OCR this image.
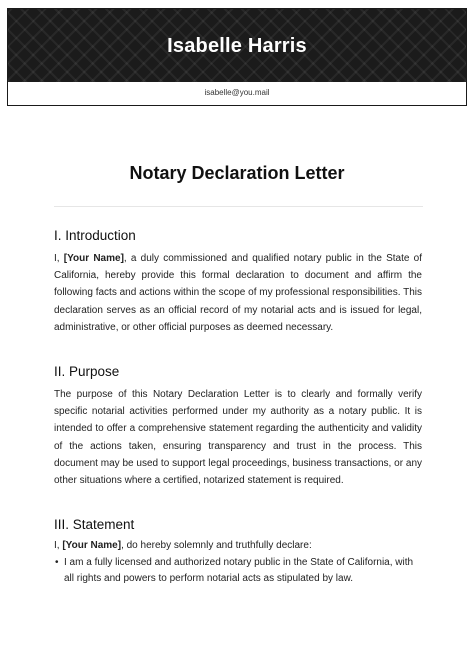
Isabelle Harris
isabelle@you.mail
Notary Declaration Letter
I. Introduction

I, [Your Name], a duly commissioned and qualified notary public in the State of California, hereby provide this formal declaration to document and affirm the following facts and actions within the scope of my professional responsibilities. This declaration serves as an official record of my notarial acts and is issued for legal, administrative, or other official purposes as deemed necessary.

II. Purpose

The purpose of this Notary Declaration Letter is to clearly and formally verify specific notarial activities performed under my authority as a notary public. It is intended to offer a comprehensive statement regarding the authenticity and validity of the actions taken, ensuring transparency and trust in the process. This document may be used to support legal proceedings, business transactions, or any other situations where a certified, notarized statement is required.

III. Statement

I, [Your Name], do hereby solemnly and truthfully declare:

• I am a fully licensed and authorized notary public in the State of California, with all rights and powers to perform notarial acts as stipulated by law.
